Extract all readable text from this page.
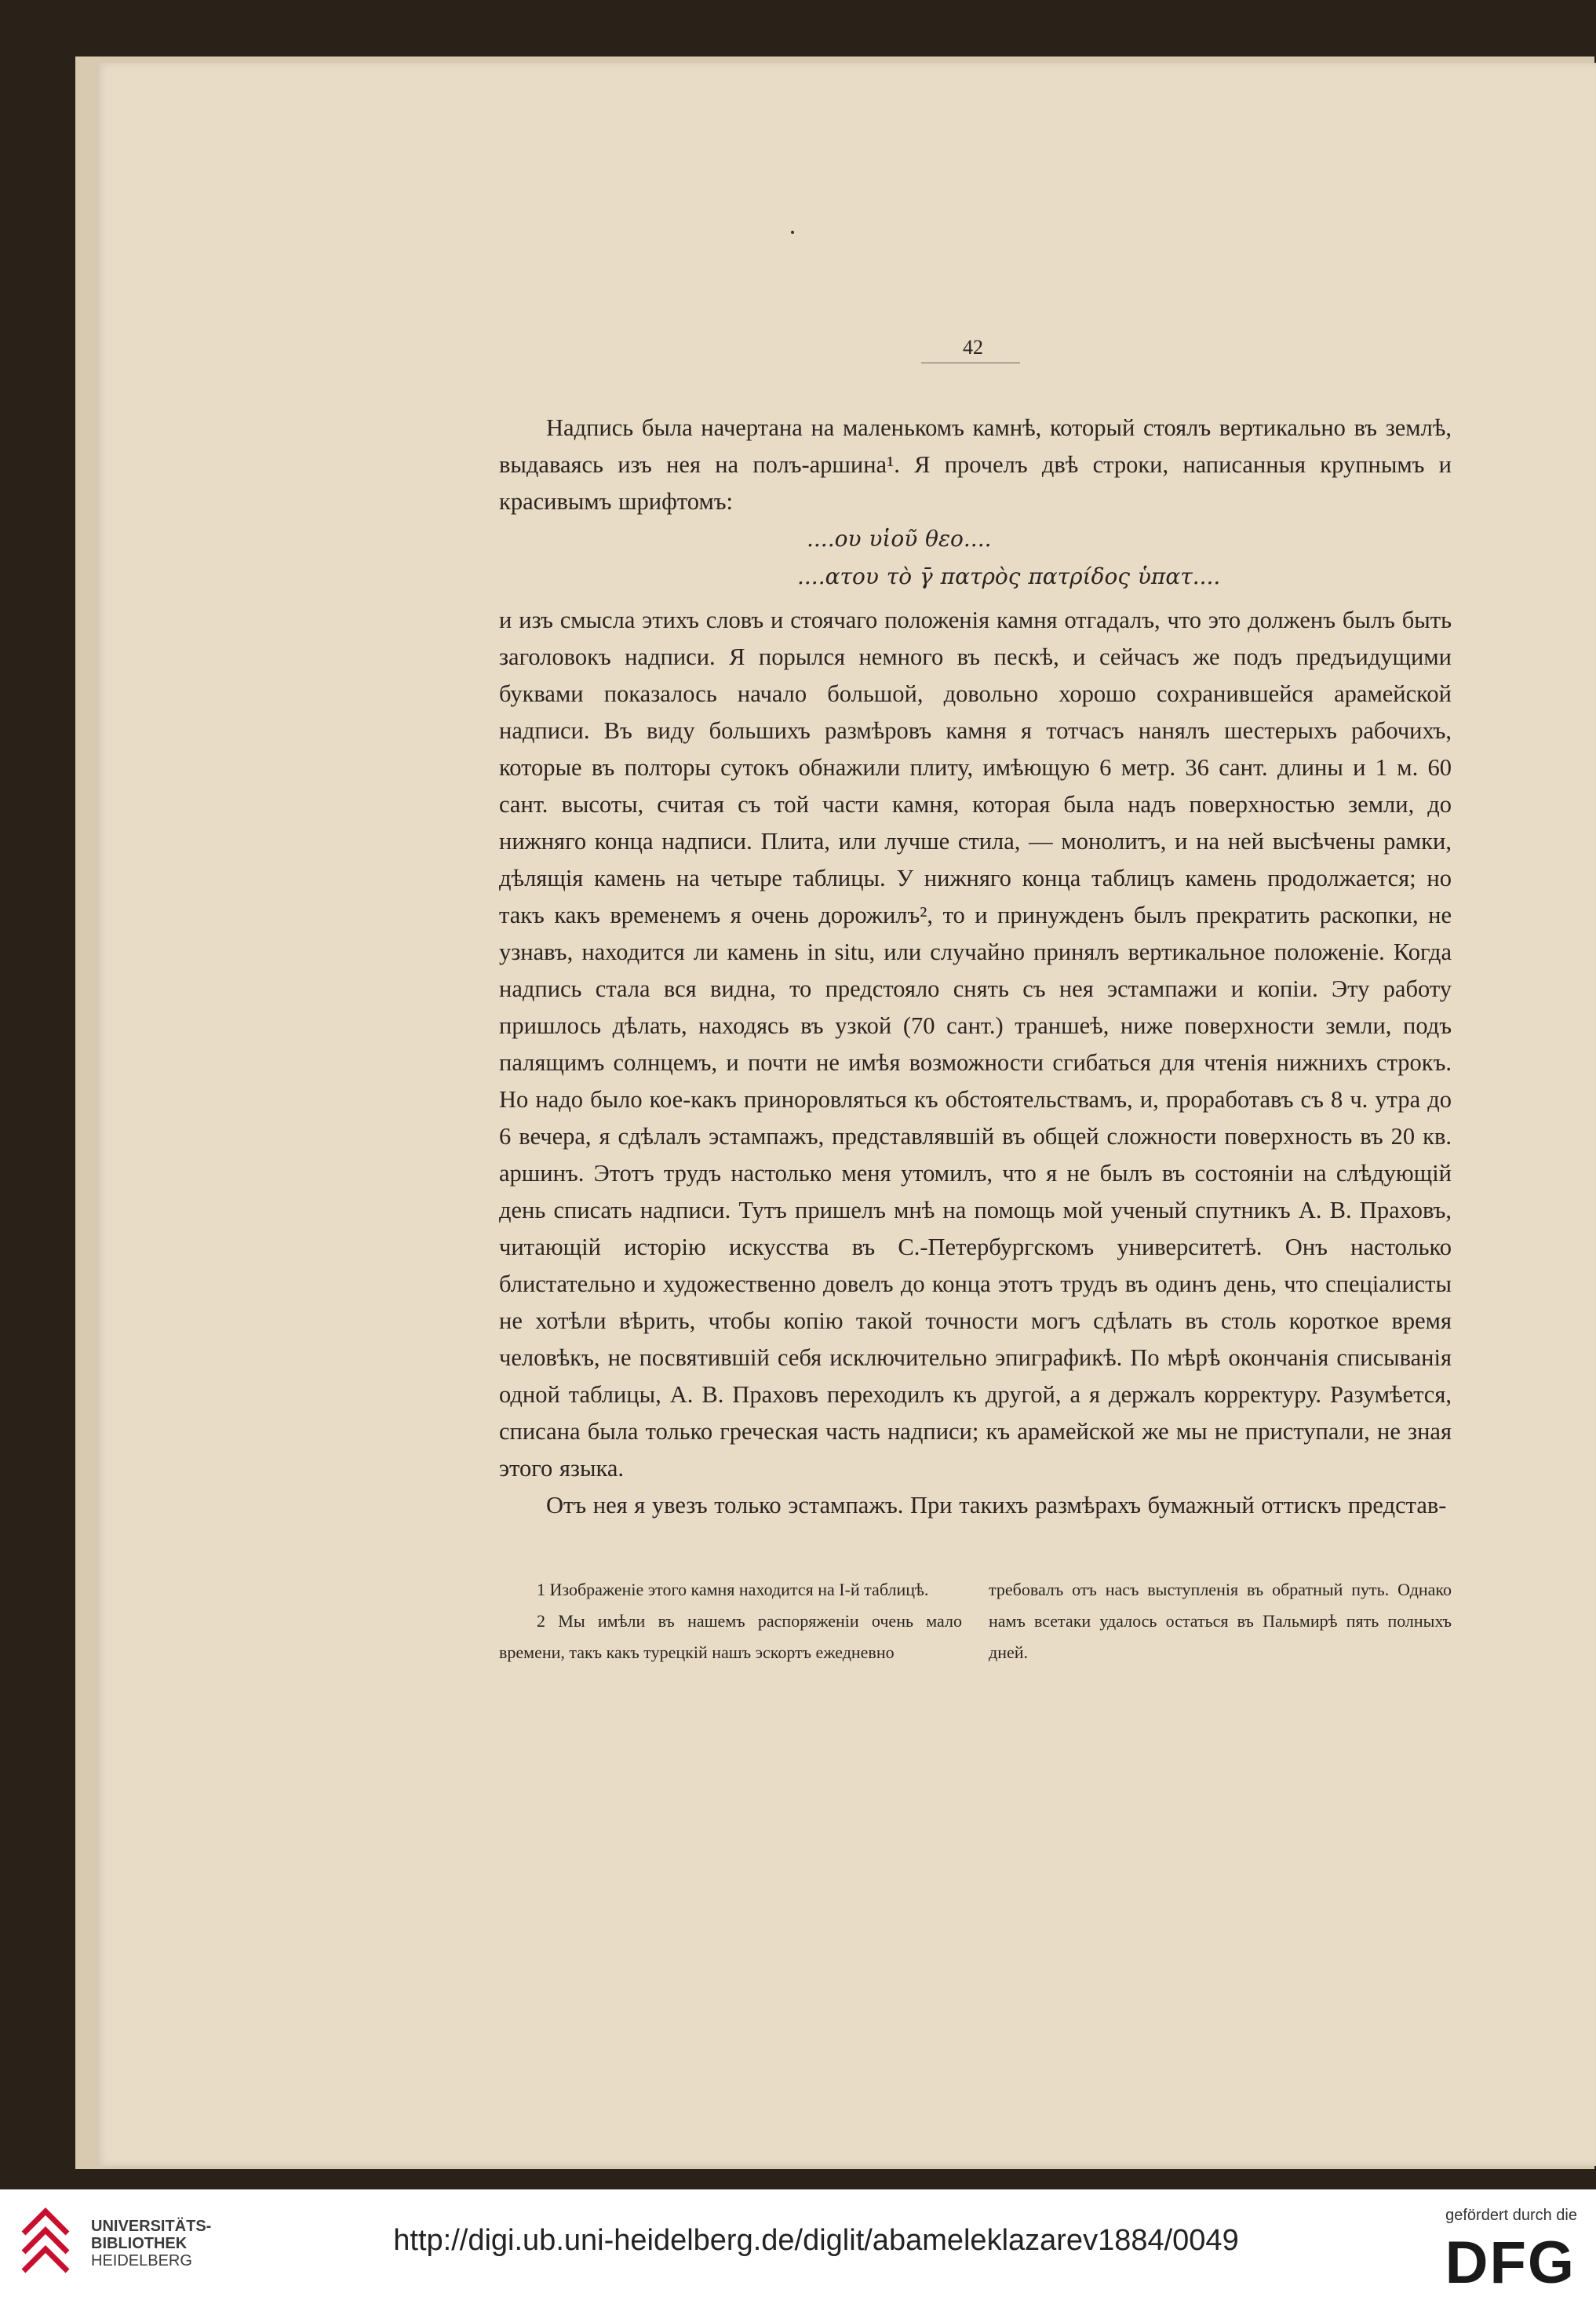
42

Надпись была начертана на маленькомъ камнѣ, который стоялъ вертикально въ землѣ, выдаваясь изъ нея на полъ-аршина¹. Я прочелъ двѣ строки, написанныя крупнымъ и красивымъ шрифтомъ:

....ου υἱοῦ θεο....

....ατου τὸ γ̄ πατρὸς πατρίδος ὑπατ....

и изъ смысла этихъ словъ и стоячаго положенія камня отгадалъ, что это долженъ былъ быть заголовокъ надписи. Я порылся немного въ пескѣ, и сейчасъ же подъ предъидущими буквами показалось начало большой, довольно хорошо сохранившейся арамейской надписи. Въ виду большихъ размѣровъ камня я тотчасъ нанялъ шестерыхъ рабочихъ, которые въ полторы сутокъ обнажили плиту, имѣющую 6 метр. 36 сант. длины и 1 м. 60 сант. высоты, считая съ той части камня, которая была надъ поверхностью земли, до нижняго конца надписи. Плита, или лучше стила, — монолитъ, и на ней высѣчены рамки, дѣлящія камень на четыре таблицы. У нижняго конца таблицъ камень продолжается; но такъ какъ временемъ я очень дорожилъ², то и принужденъ былъ прекратить раскопки, не узнавъ, находится ли камень in situ, или случайно принялъ вертикальное положеніе. Когда надпись стала вся видна, то предстояло снять съ нея эстампажи и копіи. Эту работу пришлось дѣлать, находясь въ узкой (70 сант.) траншеѣ, ниже поверхности земли, подъ палящимъ солнцемъ, и почти не имѣя возможности сгибаться для чтенія нижнихъ строкъ. Но надо было кое-какъ приноровляться къ обстоятельствамъ, и, проработавъ съ 8 ч. утра до 6 вечера, я сдѣлалъ эстампажъ, представлявшій въ общей сложности поверхность въ 20 кв. аршинъ. Этотъ трудъ настолько меня утомилъ, что я не былъ въ состояніи на слѣдующій день списать надписи. Тутъ пришелъ мнѣ на помощь мой ученый спутникъ А. В. Праховъ, читающій исторію искусства въ С.-Петербургскомъ университетѣ. Онъ настолько блистательно и художественно довелъ до конца этотъ трудъ въ одинъ день, что спеціалисты не хотѣли вѣрить, чтобы копію такой точности могъ сдѣлать въ столь короткое время человѣкъ, не посвятившій себя исключительно эпиграфикѣ. По мѣрѣ окончанія списыванія одной таблицы, А. В. Праховъ переходилъ къ другой, а я держалъ корректуру. Разумѣется, списана была только греческая часть надписи; къ арамейской же мы не приступали, не зная этого языка.

Отъ нея я увезъ только эстампажъ. При такихъ размѣрахъ бумажный оттискъ представ-

1 Изображеніе этого камня находится на I-й таблицѣ.

2 Мы имѣли въ нашемъ распоряженіи очень мало времени, такъ какъ турецкій нашъ эскортъ ежедневно

требовалъ отъ насъ выступленія въ обратный путь. Однако намъ всетаки удалось остаться въ Пальмирѣ пять полныхъ дней.

UNIVERSITÄTS-
BIBLIOTHEK
HEIDELBERG
http://digi.ub.uni-heidelberg.de/diglit/abameleklazarev1884/0049
gefördert durch die
DFG
